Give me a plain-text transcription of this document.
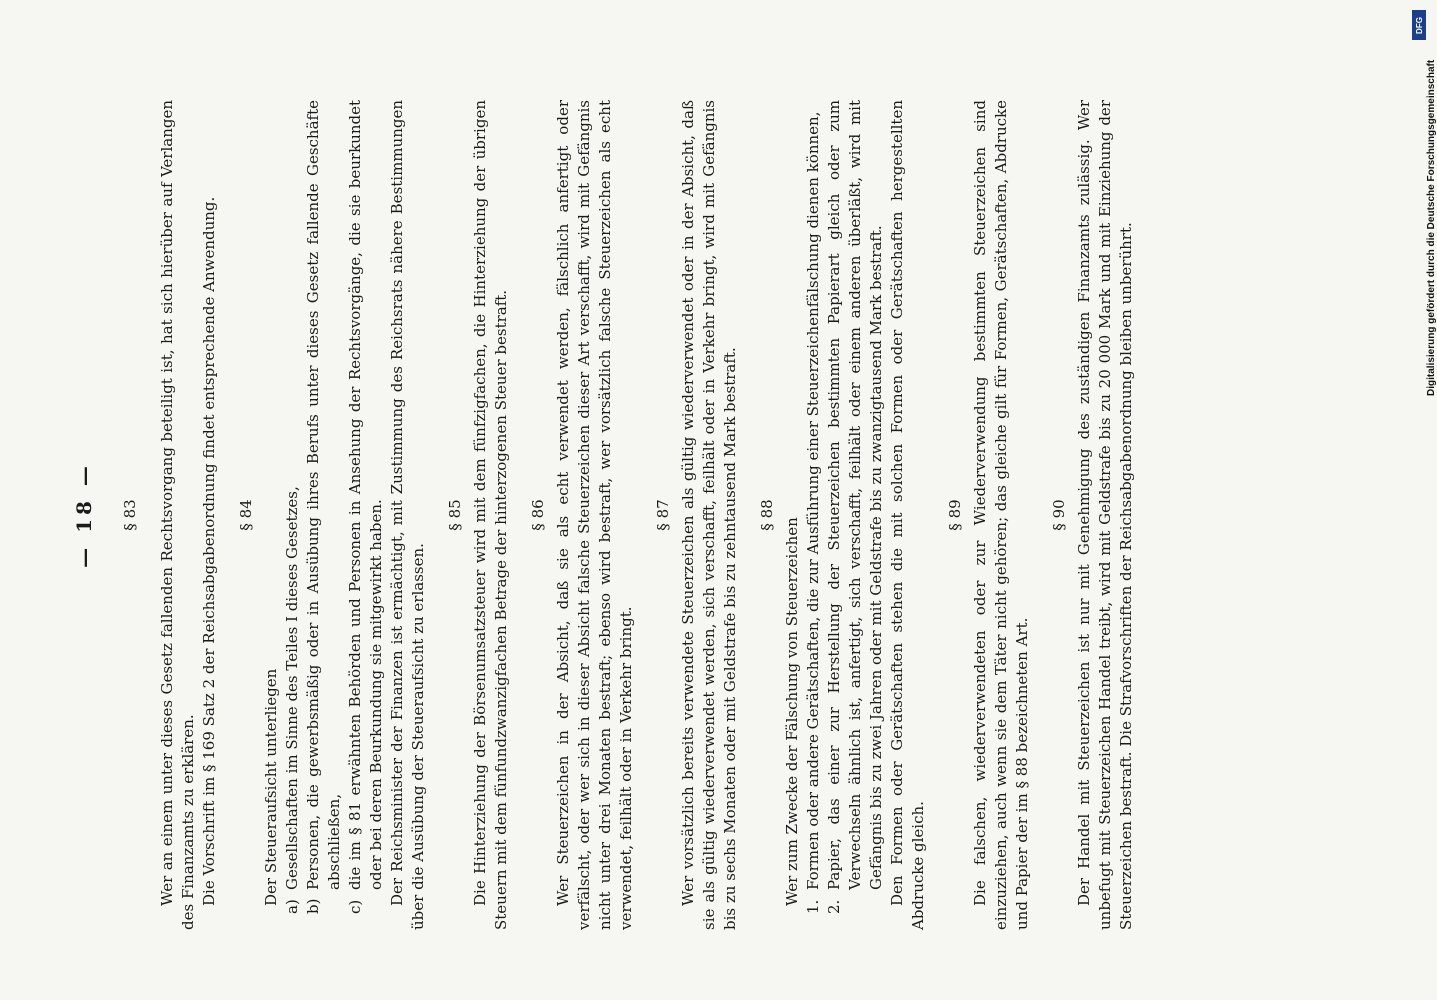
— 18 —	§ 83 Wer an einem unter dieses Gesetz fallenden Rechtsvorgang beteiligt ist, hat sich hierüber auf Verlangen des Finanzamts zu erklären. Die Vorschrift im § 169 Satz 2 der Reichsabgabenordnung findet entsprechende Anwendung. § 84

Der Steueraufsicht unterliegen

a)Gesellschaften im Sinne des Teiles I dieses Gesetzes,

b)Personen, die gewerbsmäßig oder in Ausübung ihres Berufs unter dieses Gesetz fallende Geschäfte abschließen,

c)die im § 81 erwähnten Behörden und Personen in Ansehung der Rechtsvorgänge, die sie beurkundet oder bei deren Beurkundung sie mitgewirkt haben. Der Reichsminister der Finanzen ist ermächtigt, mit Zustimmung des Reichsrats nähere Bestimmungen über die Ausübung der Steueraufsicht zu erlassen.

§ 85 Die Hinterziehung der Börsenumsatzsteuer wird mit dem fünfzigfachen, die Hinterziehung der übrigen Steuern mit dem fünfundzwanzigfachen Betrage der hinterzogenen Steuer bestraft. § 86 Wer Steuerzeichen in der Absicht, daß sie als echt verwendet werden, fälschlich anfertigt oder verfälscht, oder wer sich in dieser Absicht falsche Steuerzeichen dieser Art verschafft, wird mit Gefängnis nicht unter drei Monaten bestraft; ebenso wird bestraft, wer vorsätzlich falsche Steuerzeichen als echt verwendet, feilhält oder in Verkehr bringt.

§ 87 Wer vorsätzlich bereits verwendete Steuerzeichen als gültig wiederverwendet oder in der Absicht, daß sie als gültig wiederverwendet werden, sich verschafft, feilhält oder in Verkehr bringt, wird mit Gefängnis bis zu sechs Monaten oder mit Geldstrafe bis zu zehntausend Mark bestraft. § 88

Wer zum Zwecke der Fälschung von Steuerzeichen

1.Formen oder andere Gerätschaften, die zur Ausführung einer Steuerzeichenfälschung dienen können,

2.Papier, das einer zur Herstellung der Steuerzeichen bestimmten Papierart gleich oder zum Verwechseln ähnlich ist, anfertigt, sich verschafft, feilhält oder einem anderen überläßt, wird mit Gefängnis bis zu zwei Jahren oder mit Geldstrafe bis zu zwanzigtausend Mark bestraft. Den Formen oder Gerätschaften stehen die mit solchen Formen oder Gerätschaften hergestellten Abdrucke gleich.

§ 89 Die falschen, wiederverwendeten oder zur Wiederverwendung bestimmten Steuerzeichen sind einzuziehen, auch wenn sie dem Täter nicht gehören; das gleiche gilt für Formen, Gerätschaften, Abdrucke und Papier der im § 88 bezeichneten Art.

§ 90 Der Handel mit Steuerzeichen ist nur mit Genehmigung des zuständigen Finanzamts zulässig. Wer unbefugt mit Steuerzeichen Handel treibt, wird mit Geldstrafe bis zu 20 000 Mark und mit Einziehung der Steuerzeichen bestraft. Die Strafvorschriften der Reichsabgabenordnung bleiben unberührt.

DFG
Digitalisierung gefördert durch die Deutsche Forschungsgemeinschaft
